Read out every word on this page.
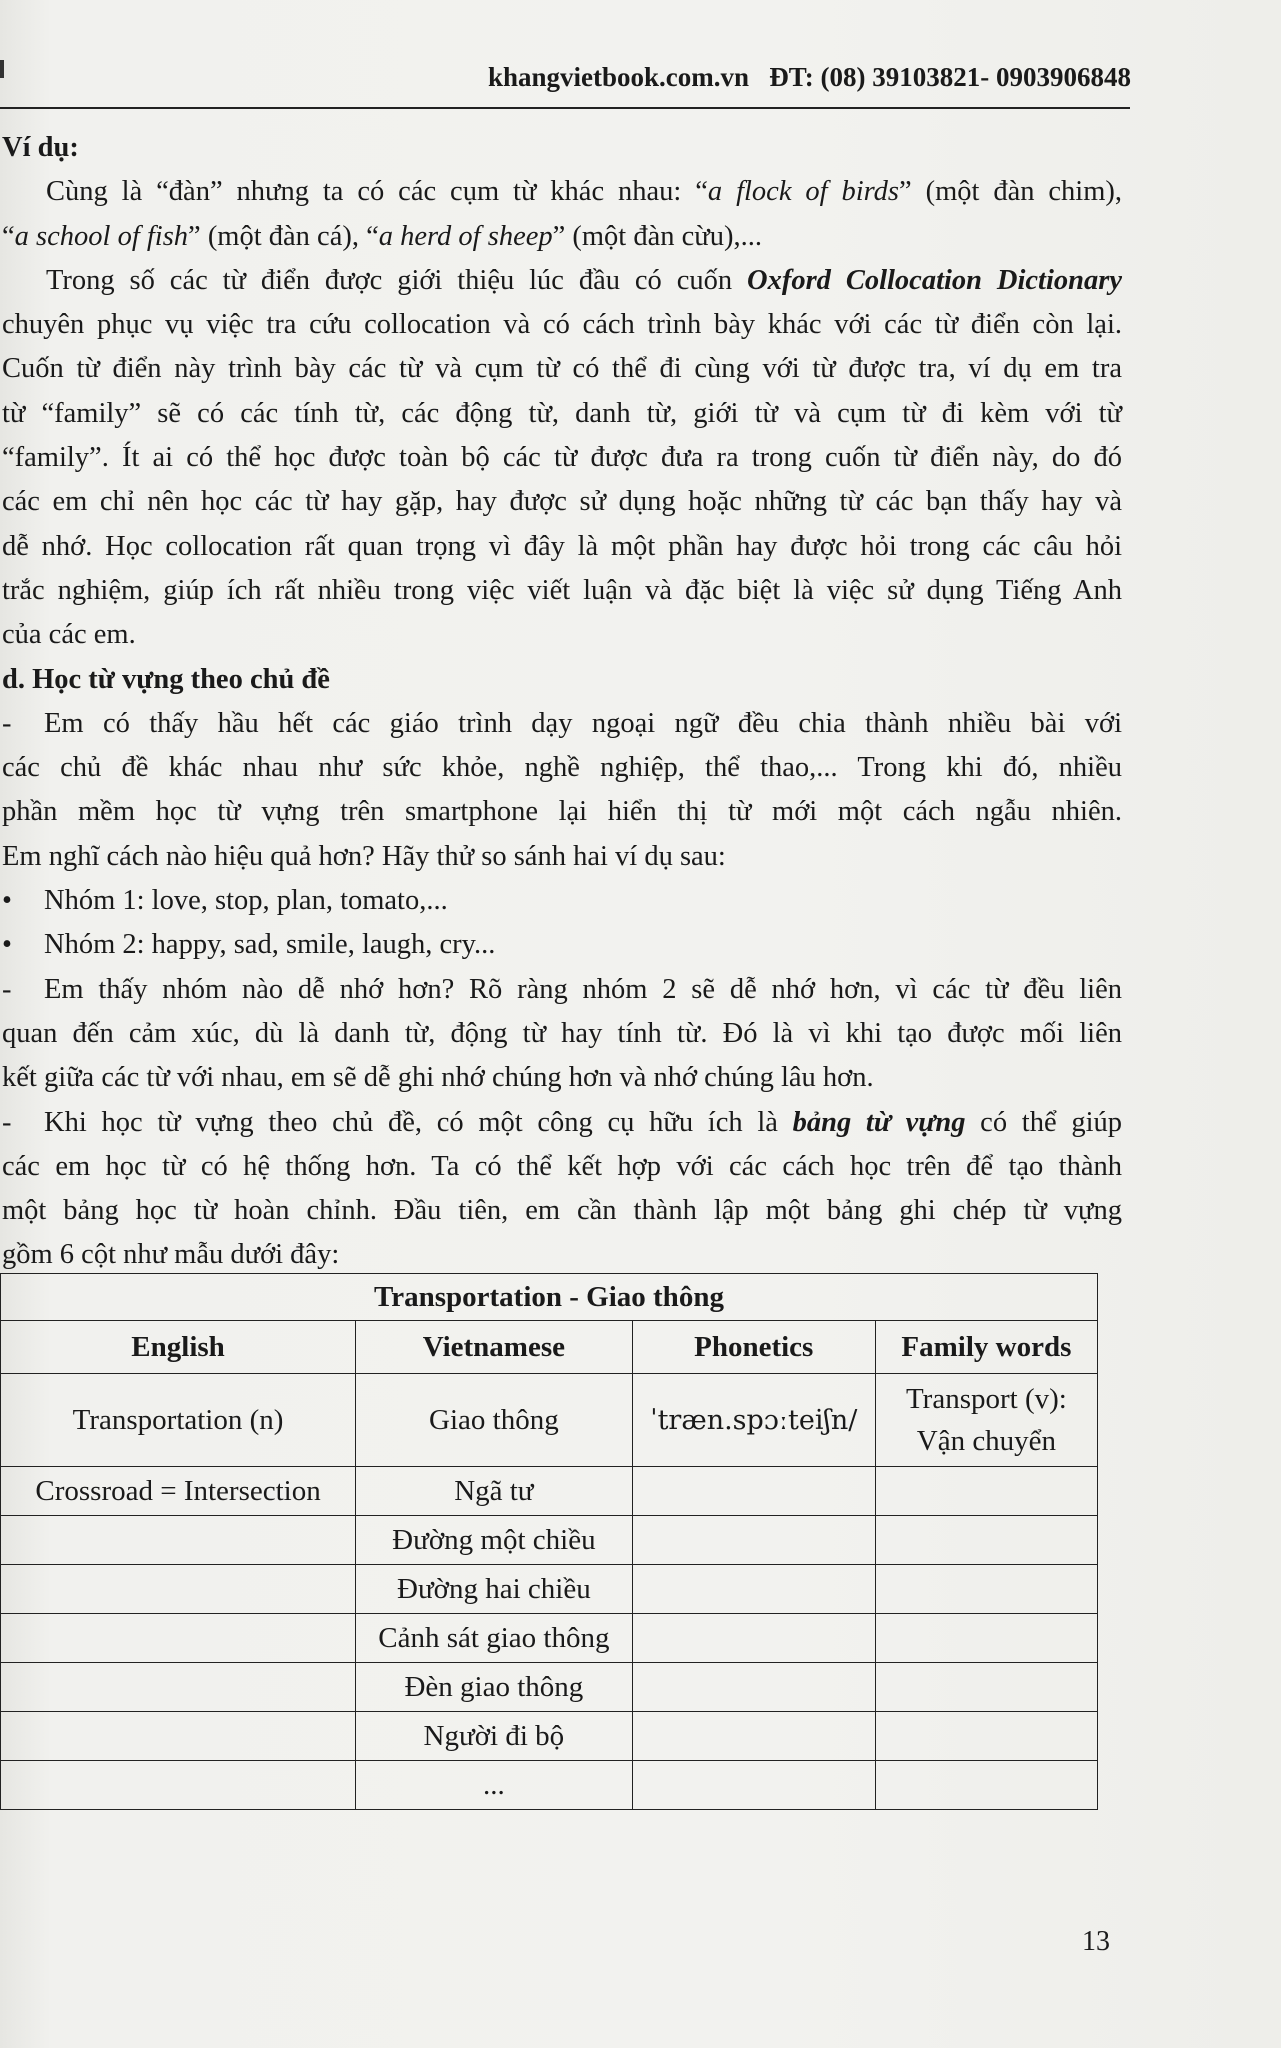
khangvietbook.com.vn ĐT: (08) 39103821- 0903906848

Ví dụ:

Cùng là “đàn” nhưng ta có các cụm từ khác nhau: “a flock of birds” (một đàn chim),

“a school of fish” (một đàn cá), “a herd of sheep” (một đàn cừu),...

Trong số các từ điển được giới thiệu lúc đầu có cuốn Oxford Collocation Dictionary

chuyên phục vụ việc tra cứu collocation và có cách trình bày khác với các từ điển còn lại.

Cuốn từ điển này trình bày các từ và cụm từ có thể đi cùng với từ được tra, ví dụ em tra

từ “family” sẽ có các tính từ, các động từ, danh từ, giới từ và cụm từ đi kèm với từ

“family”. Ít ai có thể học được toàn bộ các từ được đưa ra trong cuốn từ điển này, do đó

các em chỉ nên học các từ hay gặp, hay được sử dụng hoặc những từ các bạn thấy hay và

dễ nhớ. Học collocation rất quan trọng vì đây là một phần hay được hỏi trong các câu hỏi

trắc nghiệm, giúp ích rất nhiều trong việc viết luận và đặc biệt là việc sử dụng Tiếng Anh

của các em.

d. Học từ vựng theo chủ đề

- Em có thấy hầu hết các giáo trình dạy ngoại ngữ đều chia thành nhiều bài với

các chủ đề khác nhau như sức khỏe, nghề nghiệp, thể thao,... Trong khi đó, nhiều

phần mềm học từ vựng trên smartphone lại hiển thị từ mới một cách ngẫu nhiên.

Em nghĩ cách nào hiệu quả hơn? Hãy thử so sánh hai ví dụ sau:

• Nhóm 1: love, stop, plan, tomato,...

• Nhóm 2: happy, sad, smile, laugh, cry...

- Em thấy nhóm nào dễ nhớ hơn? Rõ ràng nhóm 2 sẽ dễ nhớ hơn, vì các từ đều liên

quan đến cảm xúc, dù là danh từ, động từ hay tính từ. Đó là vì khi tạo được mối liên

kết giữa các từ với nhau, em sẽ dễ ghi nhớ chúng hơn và nhớ chúng lâu hơn.

- Khi học từ vựng theo chủ đề, có một công cụ hữu ích là bảng từ vựng có thể giúp

các em học từ có hệ thống hơn. Ta có thể kết hợp với các cách học trên để tạo thành

một bảng học từ hoàn chỉnh. Đầu tiên, em cần thành lập một bảng ghi chép từ vựng

gồm 6 cột như mẫu dưới đây:

Transportation - Giao thông			
English	Vietnamese	Phonetics	Family words
Transportation (n)	Giao thông	ˈtræn.spɔːteiʃn/	Transport (v):
Vận chuyển
Crossroad = Intersection	Ngã tư		
	Đường một chiều		
	Đường hai chiều		
	Cảnh sát giao thông		
	Đèn giao thông		
	Người đi bộ		
	...		
13
